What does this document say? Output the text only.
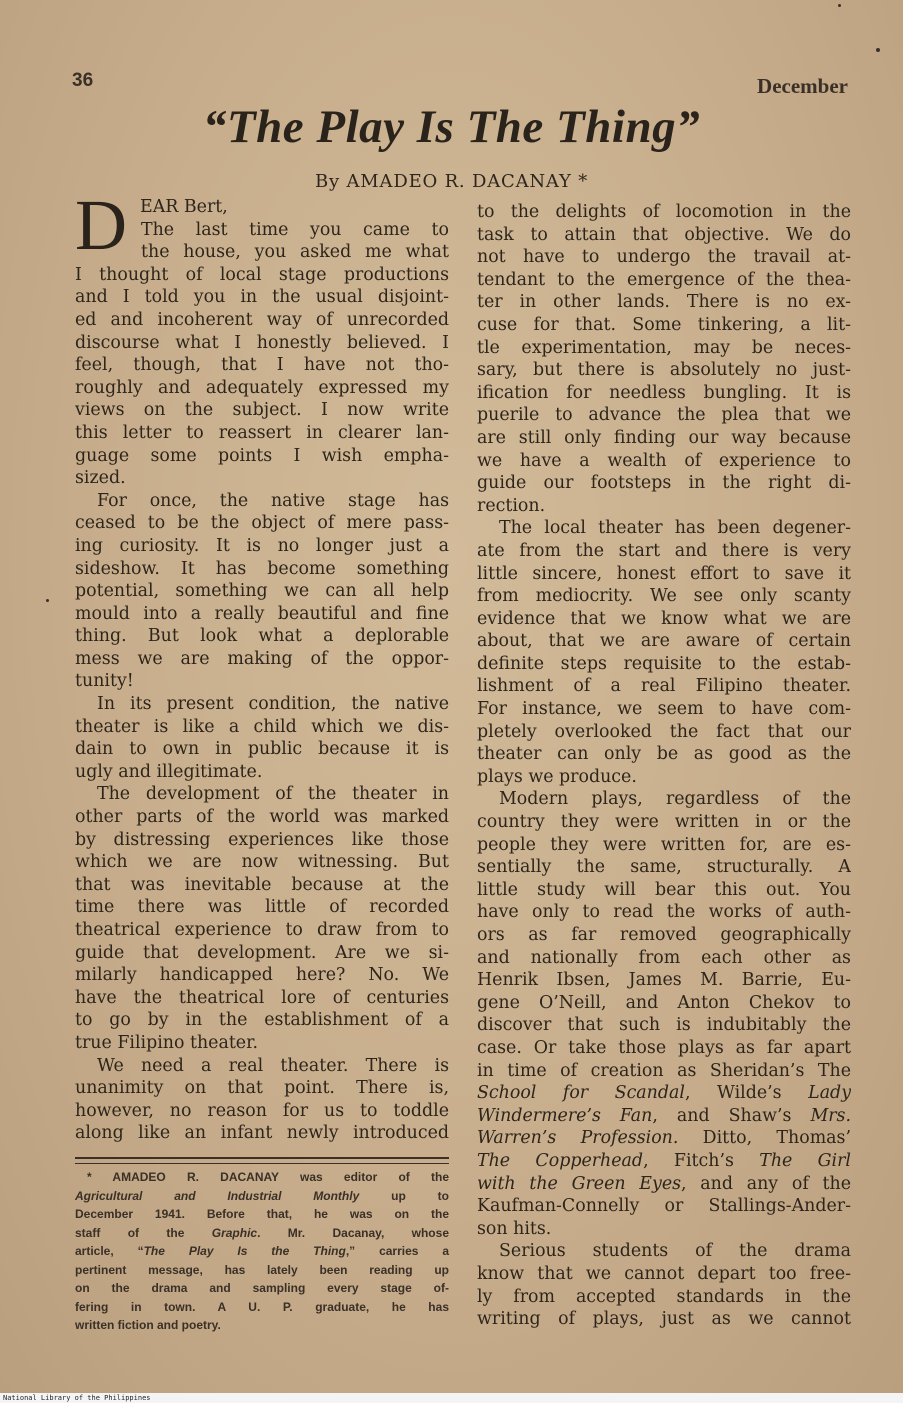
36	December
“The Play Is The Thing”
By AMADEO R. DACANAY *
D EAR Bert,
The last time you came to
the house, you asked me what
I thought of local stage productions
and I told you in the usual disjoint-
ed and incoherent way of unrecorded
discourse what I honestly believed. I
feel, though, that I have not tho-
roughly and adequately expressed my
views on the subject. I now write
this letter to reassert in clearer lan-
guage some points I wish empha-
sized.
For once, the native stage has
ceased to be the object of mere pass-
ing curiosity. It is no longer just a
sideshow. It has become something
potential, something we can all help
mould into a really beautiful and fine
thing. But look what a deplorable
mess we are making of the oppor-
tunity!
In its present condition, the native
theater is like a child which we dis-
dain to own in public because it is
ugly and illegitimate.
The development of the theater in
other parts of the world was marked
by distressing experiences like those
which we are now witnessing. But
that was inevitable because at the
time there was little of recorded
theatrical experience to draw from to
guide that development. Are we si-
milarly handicapped here? No. We
have the theatrical lore of centuries
to go by in the establishment of a
true Filipino theater.
We need a real theater. There is
unanimity on that point. There is,
however, no reason for us to toddle
along like an infant newly introduced
* AMADEO R. DACANAY was editor of the
Agricultural and Industrial Monthly up to
December 1941. Before that, he was on the
staff of the Graphic. Mr. Dacanay, whose
article, “The Play Is the Thing,” carries a
pertinent message, has lately been reading up
on the drama and sampling every stage of-
fering in town. A U. P. graduate, he has
written fiction and poetry.
to the delights of locomotion in the
task to attain that objective. We do
not have to undergo the travail at-
tendant to the emergence of the thea-
ter in other lands. There is no ex-
cuse for that. Some tinkering, a lit-
tle experimentation, may be neces-
sary, but there is absolutely no just-
ification for needless bungling. It is
puerile to advance the plea that we
are still only finding our way because
we have a wealth of experience to
guide our footsteps in the right di-
rection.
The local theater has been degener-
ate from the start and there is very
little sincere, honest effort to save it
from mediocrity. We see only scanty
evidence that we know what we are
about, that we are aware of certain
definite steps requisite to the estab-
lishment of a real Filipino theater.
For instance, we seem to have com-
pletely overlooked the fact that our
theater can only be as good as the
plays we produce.
Modern plays, regardless of the
country they were written in or the
people they were written for, are es-
sentially the same, structurally. A
little study will bear this out. You
have only to read the works of auth-
ors as far removed geographically
and nationally from each other as
Henrik Ibsen, James M. Barrie, Eu-
gene O’Neill, and Anton Chekov to
discover that such is indubitably the
case. Or take those plays as far apart
in time of creation as Sheridan’s The
School for Scandal, Wilde’s Lady
Windermere’s Fan, and Shaw’s Mrs.
Warren’s Profession. Ditto, Thomas’
The Copperhead, Fitch’s The Girl
with the Green Eyes, and any of the
Kaufman-Connelly or Stallings-Ander-
son hits.
Serious students of the drama
know that we cannot depart too free-
ly from accepted standards in the
writing of plays, just as we cannot
National Library of the Philippines
